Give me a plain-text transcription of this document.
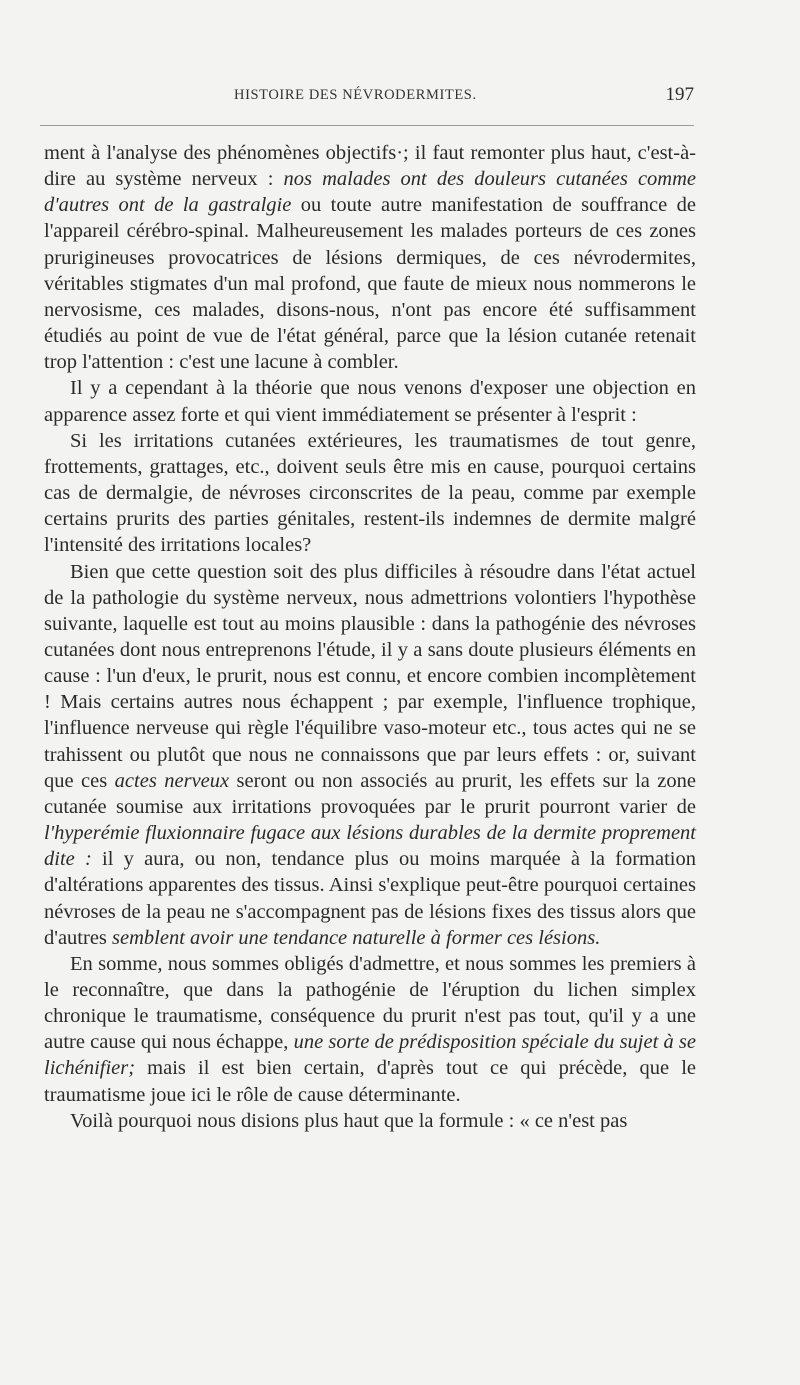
HISTOIRE DES NÉVRODERMITES.	197

ment à l'analyse des phénomènes objectifs·; il faut remonter plus haut, c'est-à-dire au système nerveux : nos malades ont des douleurs cutanées comme d'autres ont de la gastralgie ou toute autre manifestation de souffrance de l'appareil cérébro-spinal. Malheureusement les malades porteurs de ces zones prurigineuses provocatrices de lésions dermiques, de ces névrodermites, véritables stigmates d'un mal profond, que faute de mieux nous nommerons le nervosisme, ces malades, disons-nous, n'ont pas encore été suffisamment étudiés au point de vue de l'état général, parce que la lésion cutanée retenait trop l'attention : c'est une lacune à combler.

Il y a cependant à la théorie que nous venons d'exposer une objection en apparence assez forte et qui vient immédiatement se présenter à l'esprit :

Si les irritations cutanées extérieures, les traumatismes de tout genre, frottements, grattages, etc., doivent seuls être mis en cause, pourquoi certains cas de dermalgie, de névroses circonscrites de la peau, comme par exemple certains prurits des parties génitales, restent-ils indemnes de dermite malgré l'intensité des irritations locales?

Bien que cette question soit des plus difficiles à résoudre dans l'état actuel de la pathologie du système nerveux, nous admettrions volontiers l'hypothèse suivante, laquelle est tout au moins plausible : dans la pathogénie des névroses cutanées dont nous entreprenons l'étude, il y a sans doute plusieurs éléments en cause : l'un d'eux, le prurit, nous est connu, et encore combien incomplètement ! Mais certains autres nous échappent ; par exemple, l'influence trophique, l'influence nerveuse qui règle l'équilibre vaso-moteur etc., tous actes qui ne se trahissent ou plutôt que nous ne connaissons que par leurs effets : or, suivant que ces actes nerveux seront ou non associés au prurit, les effets sur la zone cutanée soumise aux irritations provoquées par le prurit pourront varier de l'hyperémie fluxionnaire fugace aux lésions durables de la dermite proprement dite : il y aura, ou non, tendance plus ou moins marquée à la formation d'altérations apparentes des tissus. Ainsi s'explique peut-être pourquoi certaines névroses de la peau ne s'accompagnent pas de lésions fixes des tissus alors que d'autres semblent avoir une tendance naturelle à former ces lésions.

En somme, nous sommes obligés d'admettre, et nous sommes les premiers à le reconnaître, que dans la pathogénie de l'éruption du lichen simplex chronique le traumatisme, conséquence du prurit n'est pas tout, qu'il y a une autre cause qui nous échappe, une sorte de prédisposition spéciale du sujet à se lichénifier; mais il est bien certain, d'après tout ce qui précède, que le traumatisme joue ici le rôle de cause déterminante.

Voilà pourquoi nous disions plus haut que la formule : « ce n'est pas
